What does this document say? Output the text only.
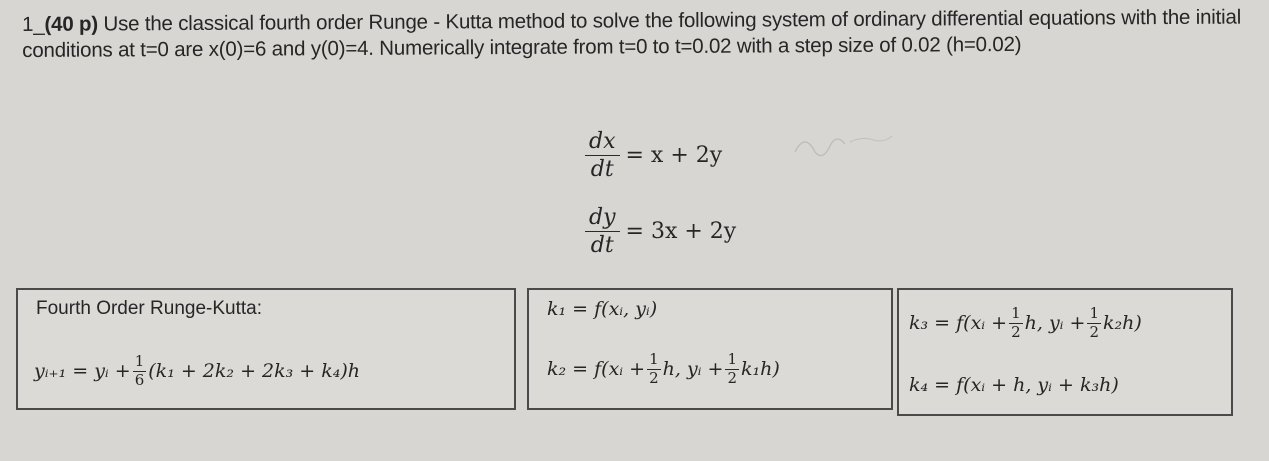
1_(40 p) Use the classical fourth order Runge - Kutta method to solve the following system of ordinary differential equations with the initial conditions at t=0 are x(0)=6 and y(0)=4. Numerically integrate from t=0 to t=0.02 with a step size of 0.02 (h=0.02)
$\frac{dx}{dt} = x + 2y$
$\frac{dy}{dt} = 3x + 2y$
Fourth Order Runge-Kutta:
yᵢ₊₁ = yᵢ + $\frac{1}{6} (k_1 + 2k_2 + 2k_3 + k_4)h$
k₁ = f(xᵢ, yᵢ)
k₂ = f(xᵢ + $\frac{1}{2} h$, yᵢ + $\frac{1}{2} k_1h$)
k₃ = f(xᵢ + $\frac{1}{2} h$, yᵢ + $\frac{1}{2} k_2h$)
k₄ = f(xᵢ + h, yᵢ + k₃h)
